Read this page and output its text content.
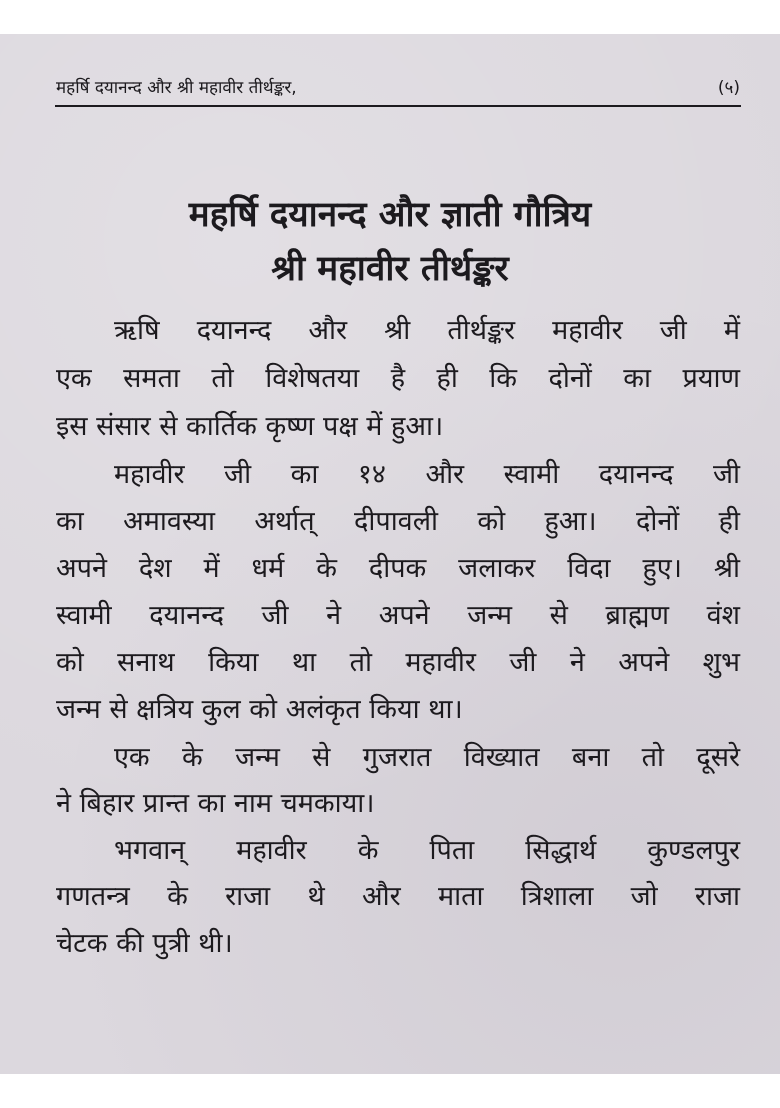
महर्षि दयानन्द और श्री महावीर तीर्थङ्कर,	(५)
महर्षि दयानन्द और ज्ञाती गौत्रिय
श्री महावीर तीर्थङ्कर
ऋषि दयानन्द और श्री तीर्थङ्कर महावीर जी में
एक समता तो विशेषतया है ही कि दोनों का प्रयाण
इस संसार से कार्तिक कृष्ण पक्ष में हुआ।
महावीर जी का १४ और स्वामी दयानन्द जी
का अमावस्या अर्थात् दीपावली को हुआ। दोनों ही
अपने देश में धर्म के दीपक जलाकर विदा हुए। श्री
स्वामी दयानन्द जी ने अपने जन्म से ब्राह्मण वंश
को सनाथ किया था तो महावीर जी ने अपने शुभ
जन्म से क्षत्रिय कुल को अलंकृत किया था।
एक के जन्म से गुजरात विख्यात बना तो दूसरे
ने बिहार प्रान्त का नाम चमकाया।
भगवान् महावीर के पिता सिद्धार्थ कुण्डलपुर
गणतन्त्र के राजा थे और माता त्रिशाला जो राजा
चेटक की पुत्री थी।
